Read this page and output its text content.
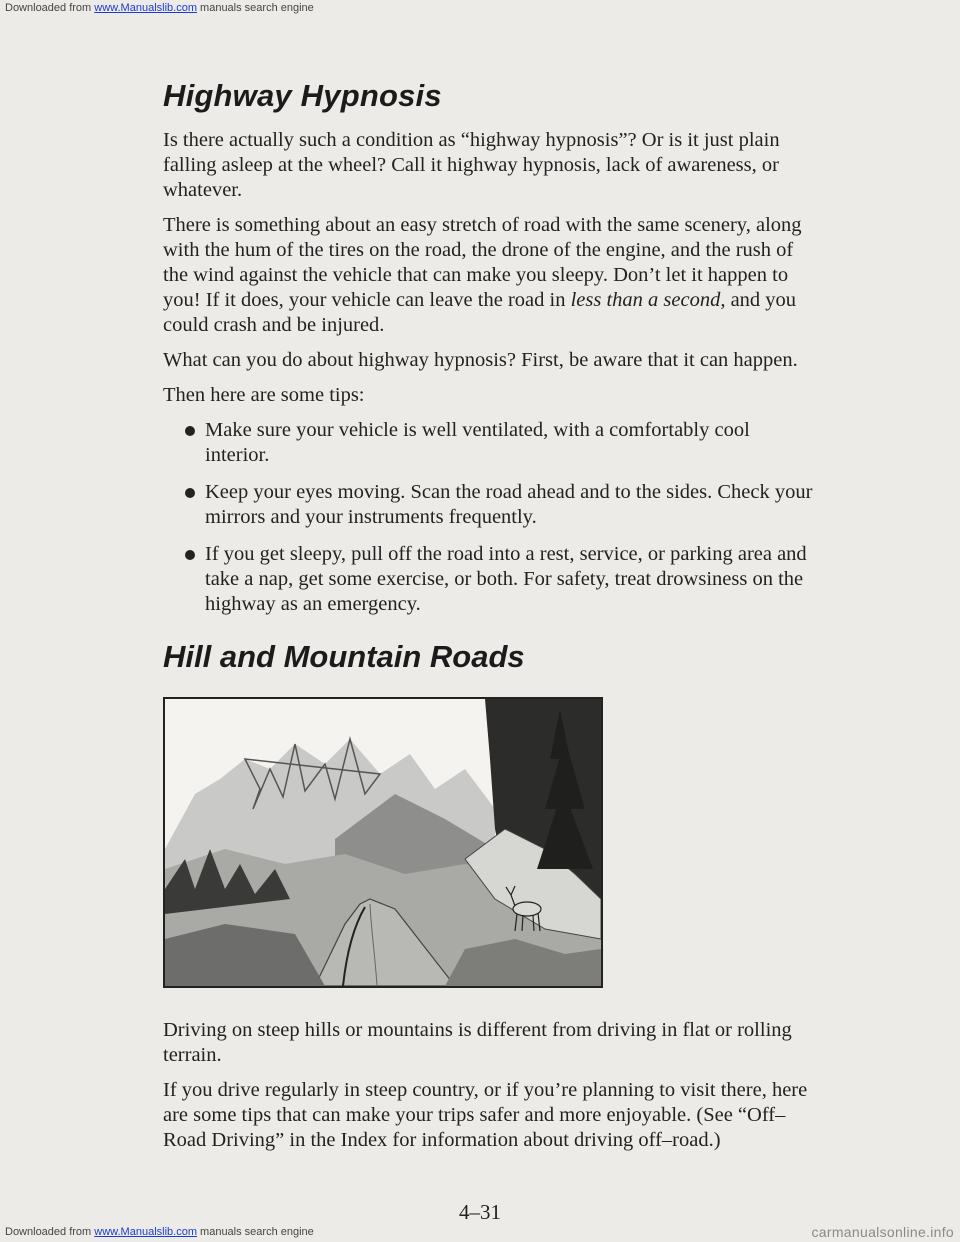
Downloaded from www.Manualslib.com manuals search engine
Highway Hypnosis

Is there actually such a condition as “highway hypnosis”? Or is it just plain falling asleep at the wheel? Call it highway hypnosis, lack of awareness, or whatever.

There is something about an easy stretch of road with the same scenery, along with the hum of the tires on the road, the drone of the engine, and the rush of the wind against the vehicle that can make you sleepy. Don’t let it happen to you! If it does, your vehicle can leave the road in less than a second, and you could crash and be injured.

What can you do about highway hypnosis? First, be aware that it can happen.

Then here are some tips:

Make sure your vehicle is well ventilated, with a comfortably cool interior.
Keep your eyes moving. Scan the road ahead and to the sides. Check your mirrors and your instruments frequently.
If you get sleepy, pull off the road into a rest, service, or parking area and take a nap, get some exercise, or both. For safety, treat drowsiness on the highway as an emergency.
Hill and Mountain Roads

Driving on steep hills or mountains is different from driving in flat or rolling terrain.

If you drive regularly in steep country, or if you’re planning to visit there, here are some tips that can make your trips safer and more enjoyable. (See “Off–Road Driving” in the Index for information about driving off–road.)

4–31
Downloaded from www.Manualslib.com manuals search engine	carmanualsonline.info
